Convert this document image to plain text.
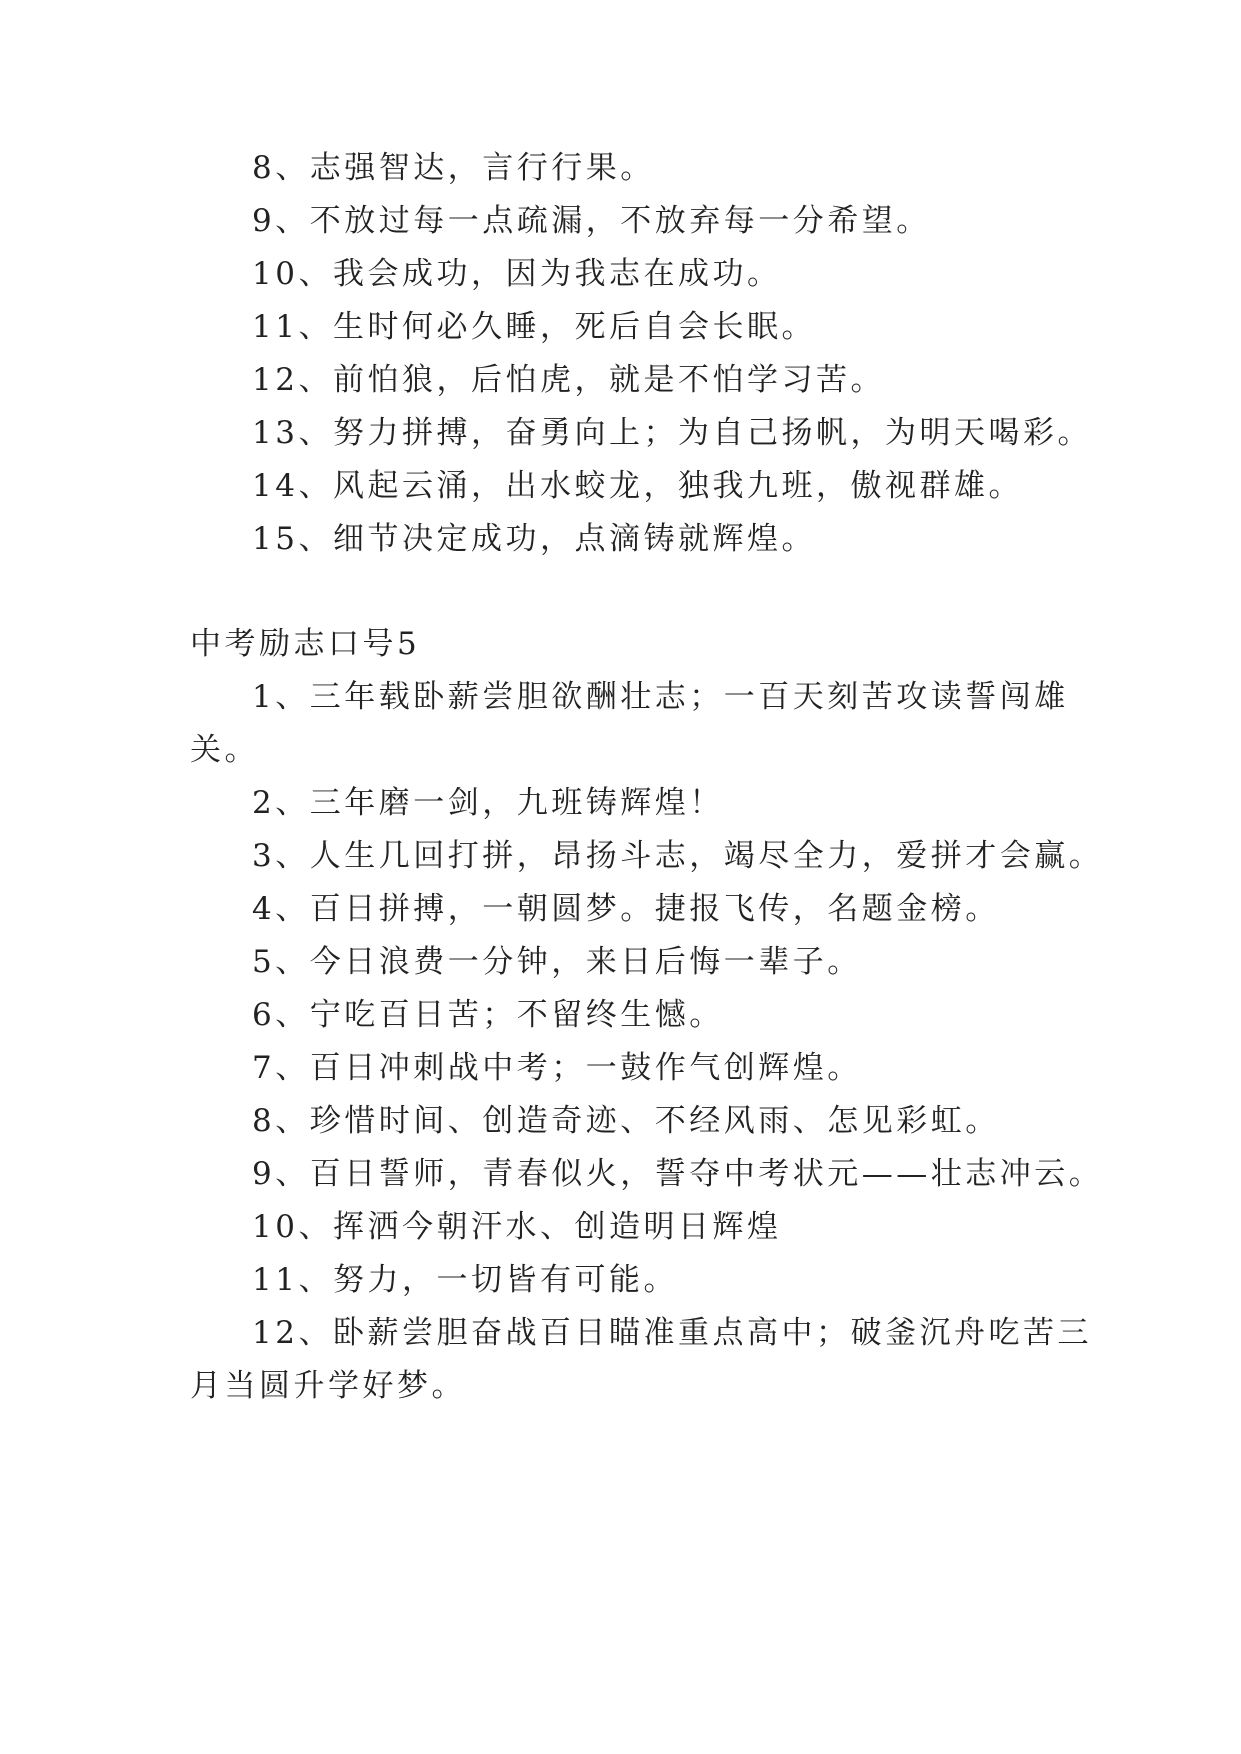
8、志强智达，言行行果。
9、不放过每一点疏漏，不放弃每一分希望。
10、我会成功，因为我志在成功。
11、生时何必久睡，死后自会长眠。
12、前怕狼，后怕虎，就是不怕学习苦。
13、努力拼搏，奋勇向上；为自己扬帆，为明天喝彩。
14、风起云涌，出水蛟龙，独我九班，傲视群雄。
15、细节决定成功，点滴铸就辉煌。
中考励志口号5
1、三年载卧薪尝胆欲酬壮志；一百天刻苦攻读誓闯雄
关。
2、三年磨一剑，九班铸辉煌！
3、人生几回打拼，昂扬斗志，竭尽全力，爱拼才会赢。
4、百日拼搏，一朝圆梦。捷报飞传，名题金榜。
5、今日浪费一分钟，来日后悔一辈子。
6、宁吃百日苦；不留终生憾。
7、百日冲刺战中考；一鼓作气创辉煌。
8、珍惜时间、创造奇迹、不经风雨、怎见彩虹。
9、百日誓师，青春似火，誓夺中考状元——壮志冲云。
10、挥洒今朝汗水、创造明日辉煌
11、努力，一切皆有可能。
12、卧薪尝胆奋战百日瞄准重点高中；破釜沉舟吃苦三
月当圆升学好梦。
